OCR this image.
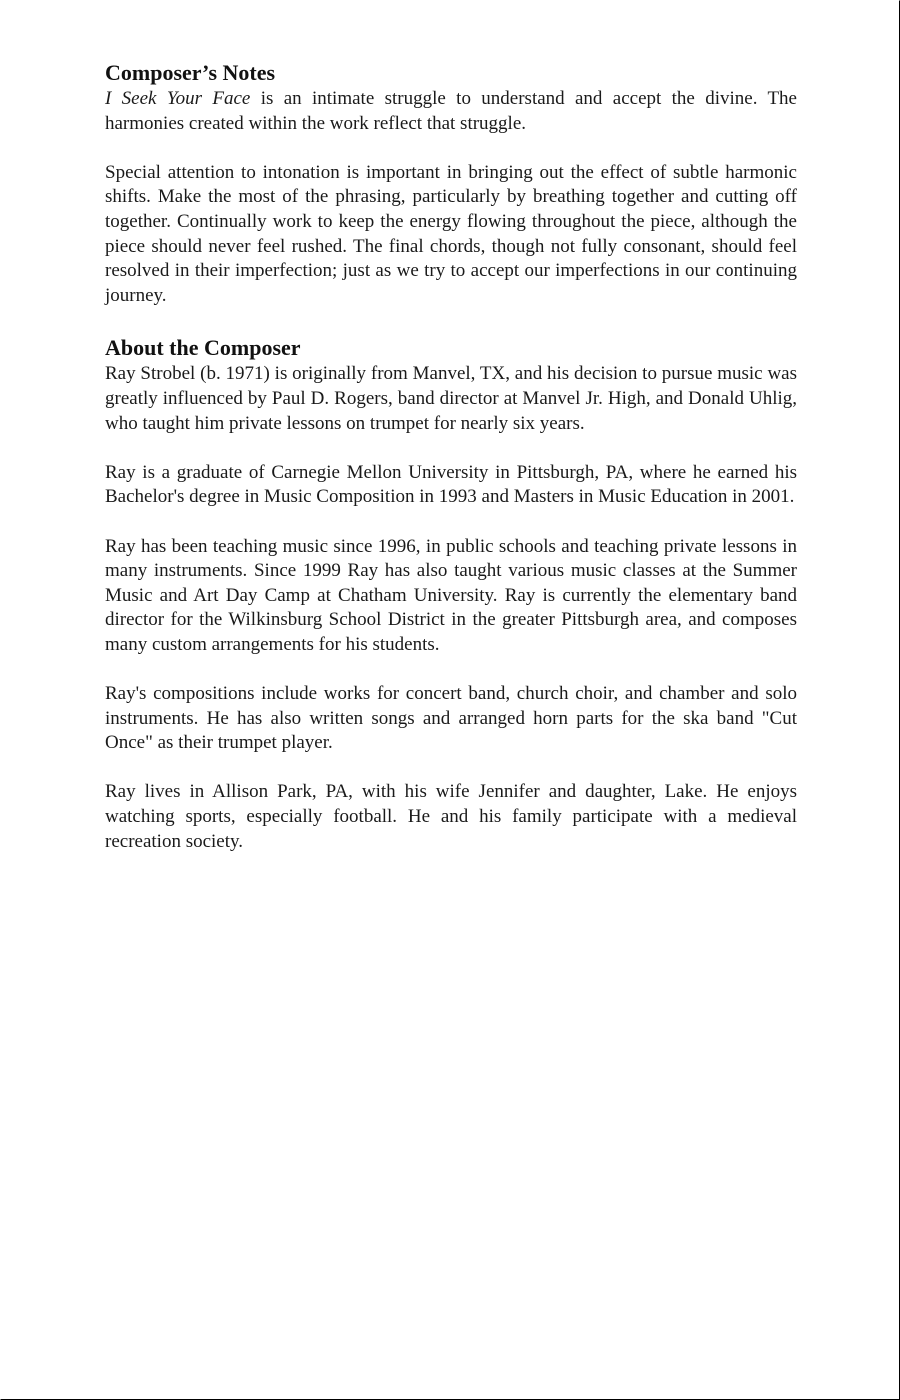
Composer’s Notes

I Seek Your Face is an intimate struggle to understand and accept the divine. The harmonies created within the work reflect that struggle.

Special attention to intonation is important in bringing out the effect of subtle harmonic shifts. Make the most of the phrasing, particularly by breathing together and cutting off together. Continually work to keep the energy flowing throughout the piece, although the piece should never feel rushed. The final chords, though not fully consonant, should feel resolved in their imperfection; just as we try to accept our imperfections in our continuing journey.

About the Composer

Ray Strobel (b. 1971) is originally from Manvel, TX, and his decision to pursue music was greatly influenced by Paul D. Rogers, band director at Manvel Jr. High, and Donald Uhlig, who taught him private lessons on trumpet for nearly six years.

Ray is a graduate of Carnegie Mellon University in Pittsburgh, PA, where he earned his Bachelor's degree in Music Composition in 1993 and Masters in Music Education in 2001.

Ray has been teaching music since 1996, in public schools and teaching private lessons in many instruments. Since 1999 Ray has also taught various music classes at the Summer Music and Art Day Camp at Chatham University. Ray is currently the elementary band director for the Wilkinsburg School District in the greater Pittsburgh area, and composes many custom arrangements for his students.

Ray's compositions include works for concert band, church choir, and chamber and solo instruments. He has also written songs and arranged horn parts for the ska band "Cut Once" as their trumpet player.

Ray lives in Allison Park, PA, with his wife Jennifer and daughter, Lake. He enjoys watching sports, especially football. He and his family participate with a medieval recreation society.
